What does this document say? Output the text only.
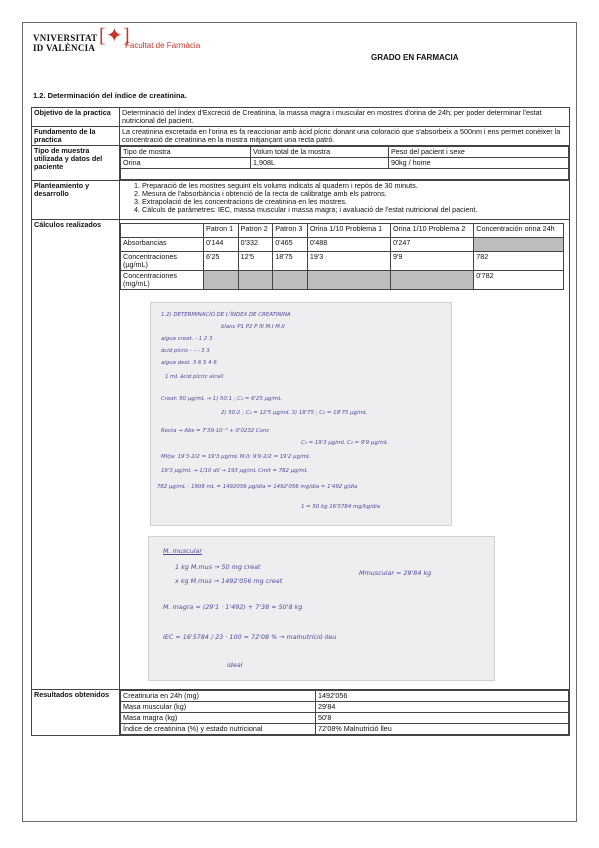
VNIVERSITAT
ID VALÈNCIA
[✦]
Facultat de Farmàcia
GRADO EN FARMACIA
1.2. Determinación del índice de creatinina.
Objetivo de la practica	Determinació del Índex d'Excreció de Creatinina, la massa magra i muscular en mostres d'orina de 24h; per poder determinar l'estat nutricional del pacient.
Fundamento de la practica	La creatinina excretada en l'orina es fa reaccionar amb àcid pícric donant una coloració que s'absorbeix a 500nm i ens permet conèixer la concentració de creatinina en la mostra mitjançant una recta patró.
Tipo de muestra utilizada y datos del paciente	
Tipo de mostra	Volum total de la mostra	Peso del pacient i sexe
Orina	1,908L	90kg / home

Planteamiento y desarrollo	
1. Preparació de les mostres seguint els volums indicats al quadern i repòs de 30 minuts.
2. Mesura de l'absorbància i obtenció de la recta de calibratge amb els patrons.
3. Extrapolació de les concentracions de creatinina en les mostres.
4. Càlculs de paràmetres: IEC, massa muscular i massa magra; i avaluació de l'estat nutricional del pacient.

Cálculos realizados	
		Patron 1	Patron 2	Patron 3	Orina 1/10 Problema 1	Orina 1/10 Problema 2	Concentración orina 24h
Absorbancias	0'144	0'332	0'465	0'488	0'247	
Concentraciones (µg/mL)	6'25	12'5	18'75	19'3	9'9	782
Concentraciones (mg/mL)						0'782
1.2) DETERMINACIÓ DE L'ÍNDEX DE CREATININA
blanc P1 P2 P III M.I M.II
aigua creat. - 1 2 3
àcid pícric - - - 3 3
aigua dest. 3 6 5 4 6
1 mL àcid pícric alcalí
Creat: 50 µg/mL → 1) 50:1 ; C₁ = 6'25 µg/mL
2) 50:2 ; C₂ = 12'5 µg/mL 3) 18'75 ; C₃ = 18'75 µg/mL
Recta → Abs = 7'39·10⁻³ + 0'0232 Conc
C₁ = 19'3 µg/mL C₂ = 9'9 µg/mL
Mitja: 19'3·2/2 = 19'3 µg/mL M.II: 9'9·2/2 = 19'2 µg/mL
19'3 µg/mL → 1/10 dil → 193 µg/mL Cmit = 782 µg/mL
782 µg/mL · 1908 mL = 1492056 µg/dia = 1492'056 mg/dia = 1'492 g/dia
1 = 50 kg 16'5784 mg/kg/dia
M. muscular
1 kg M.mus → 50 mg creat
x kg M.mus → 1492'056 mg creat
Mmuscular = 29'84 kg
M. magra = (29'1 · 1'492) + 7'38 = 50'8 kg
IEC = 16'5784 / 23 · 100 = 72'08 % → malnutrició lleu
ideal

Resultados obtenidos	Creatinuria en 24h (mg)	1492'056
Masa muscular (kg)	29'84
Masa magra (kg)	50'8
Índice de creatinina (%) y estado nutricional	72'08% Malnutrició lleu
